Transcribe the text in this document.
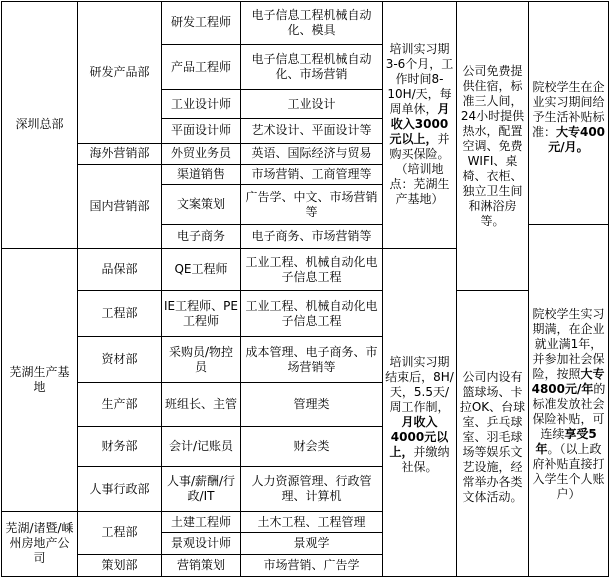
深圳总部	研发产品部	研发工程师	电子信息工程机械自动化、模具	培训实习期3-6个月，工作时间8-10H/天，每周单休，月收入3000元以上，并购买保险。（培训地点：芜湖生产基地）	公司免费提供住宿，标准三人间，24小时提供热水，配置空调、免费WIFI、桌椅、衣柜、独立卫生间和淋浴房等。	院校学生在企业实习期间给予生活补贴标准：大专400元/月。

		产品工程师	电子信息工程机械自动化、市场营销			
		工业设计师	工业设计			
		平面设计师	艺术设计、平面设计等			
	海外营销部	外贸业务员	英语、国际经济与贸易			
	国内营销部	渠道销售	市场营销、工商管理等			
		文案策划	广告学、中文、市场营销等			
		电子商务	电子商务、市场营销等			院校学生实习期满，在企业就业满1年，并参加社会保险，按照大专4800元/年的标准发放社会保险补贴，可连续享受5年。（以上政府补贴直接打入学生个人账户）

芜湖生产基地	品保部	QE工程师	工业工程、机械自动化电子信息工程	培训实习期结束后，8H/天，5.5天/周工作制，月收入4000元以上，并缴纳社保。		

	工程部	IE工程师、PE工程师	工业工程、机械自动化电子信息工程		公司内设有篮球场、卡拉OK、台球室、乒乓球室、羽毛球场等娱乐文艺设施，经常举办各类文体活动。	

	资材部	采购员/物控员	成本管理、电子商务、市场营销等			
	生产部	班组长、主管	管理类			
	财务部	会计/记账员	财会类			
	人事行政部	人事/薪酬/行政/IT	人力资源管理、行政管理、计算机			
芜湖/诸暨/嵊州房地产公司	工程部	土建工程师	土木工程、工程管理			
		景观设计师	景观学			
	策划部	营销策划	市场营销、广告学			
